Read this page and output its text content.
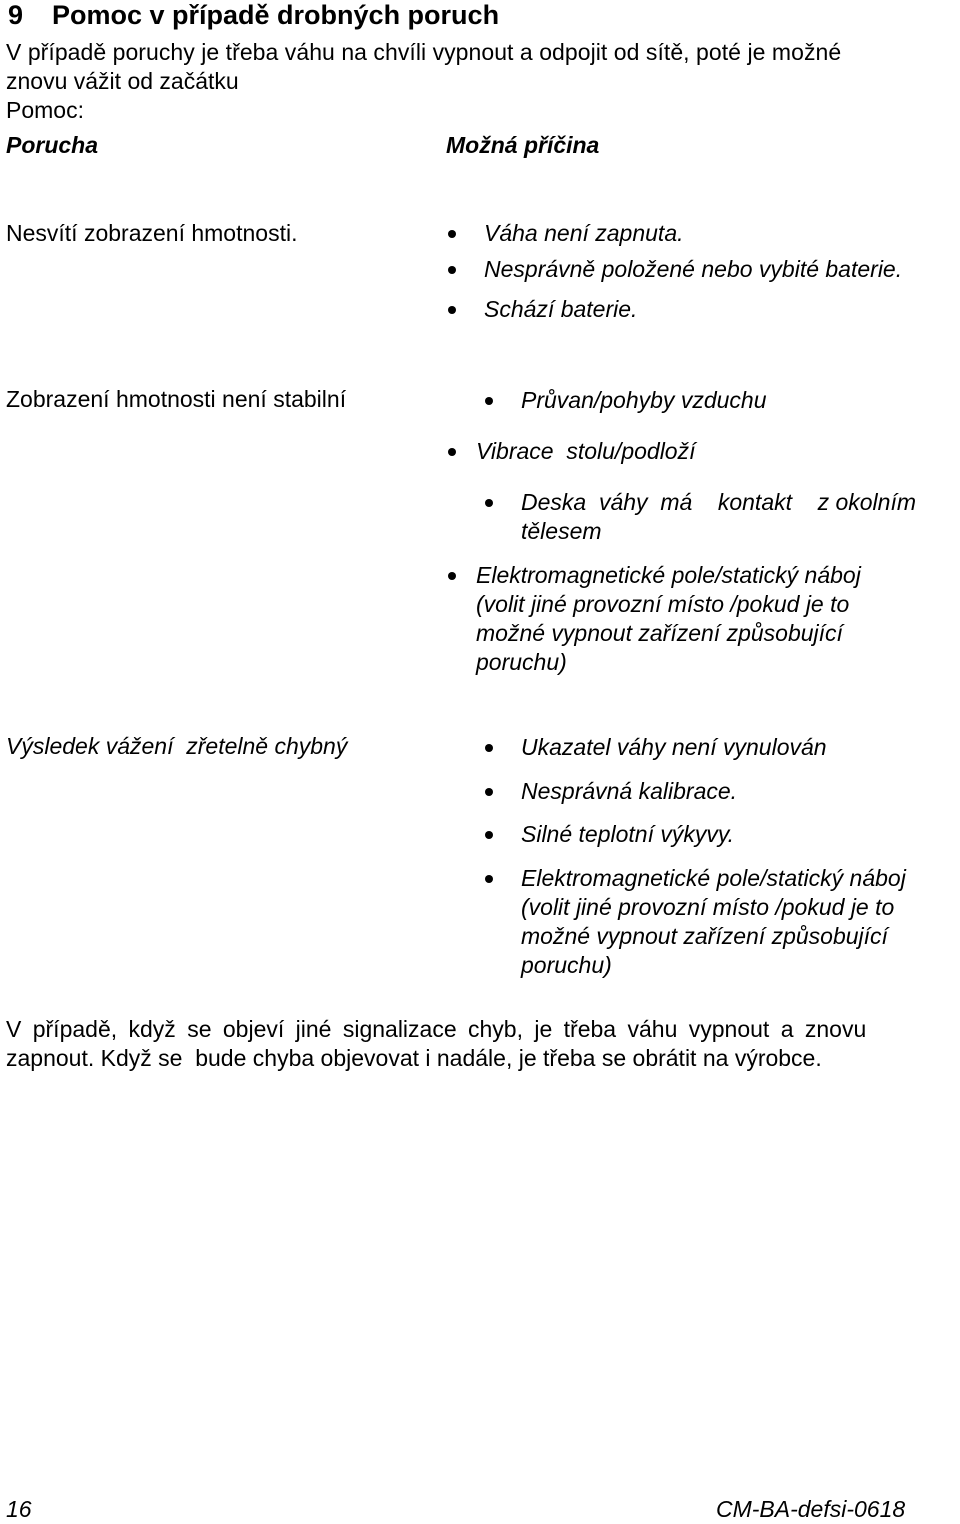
9 Pomoc v případě drobných poruch
V případě poruchy je třeba váhu na chvíli vypnout a odpojit od sítě, poté je možné
znovu vážit od začátku
Pomoc:
Porucha	Možná příčina
Nesvítí zobrazení hmotnosti.	Váha není zapnuta.
Nesprávně položené nebo vybité baterie.
Schází baterie.
Zobrazení hmotnosti není stabilní	Průvan/pohyby vzduchu
Vibrace  stolu/podloží
Deska  váhy  má    kontakt    z okolním
tělesem
Elektromagnetické pole/statický náboj
(volit jiné provozní místo /pokud je to
možné vypnout zařízení způsobující
poruchu)
Výsledek vážení  zřetelně chybný	Ukazatel váhy není vynulován
Nesprávná kalibrace.
Silné teplotní výkyvy.
Elektromagnetické pole/statický náboj
(volit jiné provozní místo /pokud je to
možné vypnout zařízení způsobující
poruchu)
V případě, když se objeví jiné signalizace chyb, je třeba váhu vypnout a znovu
zapnout. Když se  bude chyba objevovat i nadále, je třeba se obrátit na výrobce.
16	CM-BA-defsi-0618
